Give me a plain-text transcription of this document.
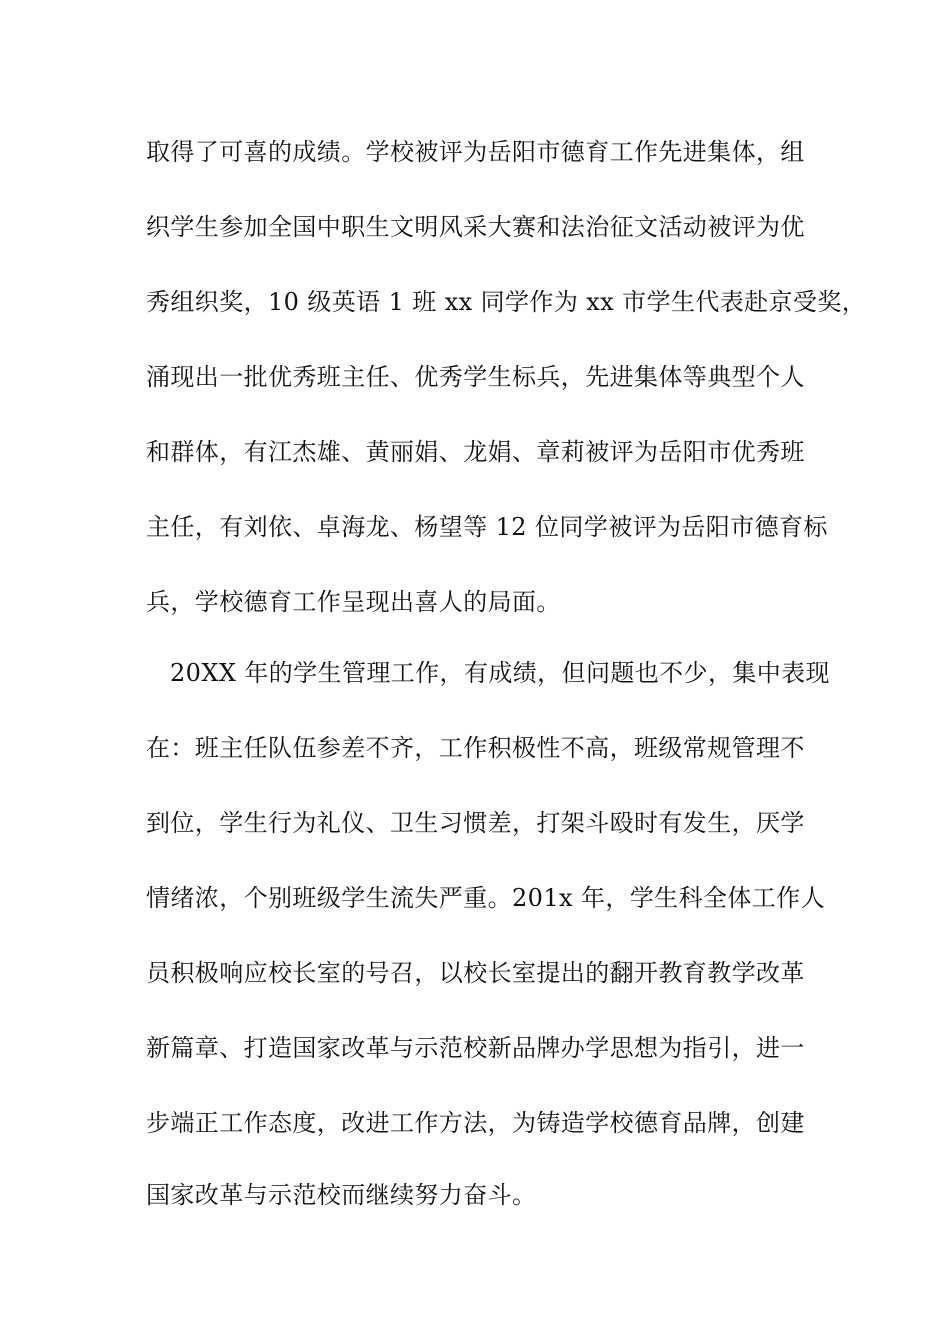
取得了可喜的成绩。学校被评为岳阳市德育工作先进集体，组
织学生参加全国中职生文明风采大赛和法治征文活动被评为优
秀组织奖，10 级英语 1 班 xx 同学作为 xx 市学生代表赴京受奖，
涌现出一批优秀班主任、优秀学生标兵，先进集体等典型个人
和群体，有江杰雄、黄丽娟、龙娟、章莉被评为岳阳市优秀班
主任，有刘依、卓海龙、杨望等 12 位同学被评为岳阳市德育标
兵，学校德育工作呈现出喜人的局面。
20XX 年的学生管理工作，有成绩，但问题也不少，集中表现
在：班主任队伍参差不齐，工作积极性不高，班级常规管理不
到位，学生行为礼仪、卫生习惯差，打架斗殴时有发生，厌学
情绪浓，个别班级学生流失严重。201x 年，学生科全体工作人
员积极响应校长室的号召，以校长室提出的翻开教育教学改革
新篇章、打造国家改革与示范校新品牌办学思想为指引，进一
步端正工作态度，改进工作方法，为铸造学校德育品牌，创建
国家改革与示范校而继续努力奋斗。
